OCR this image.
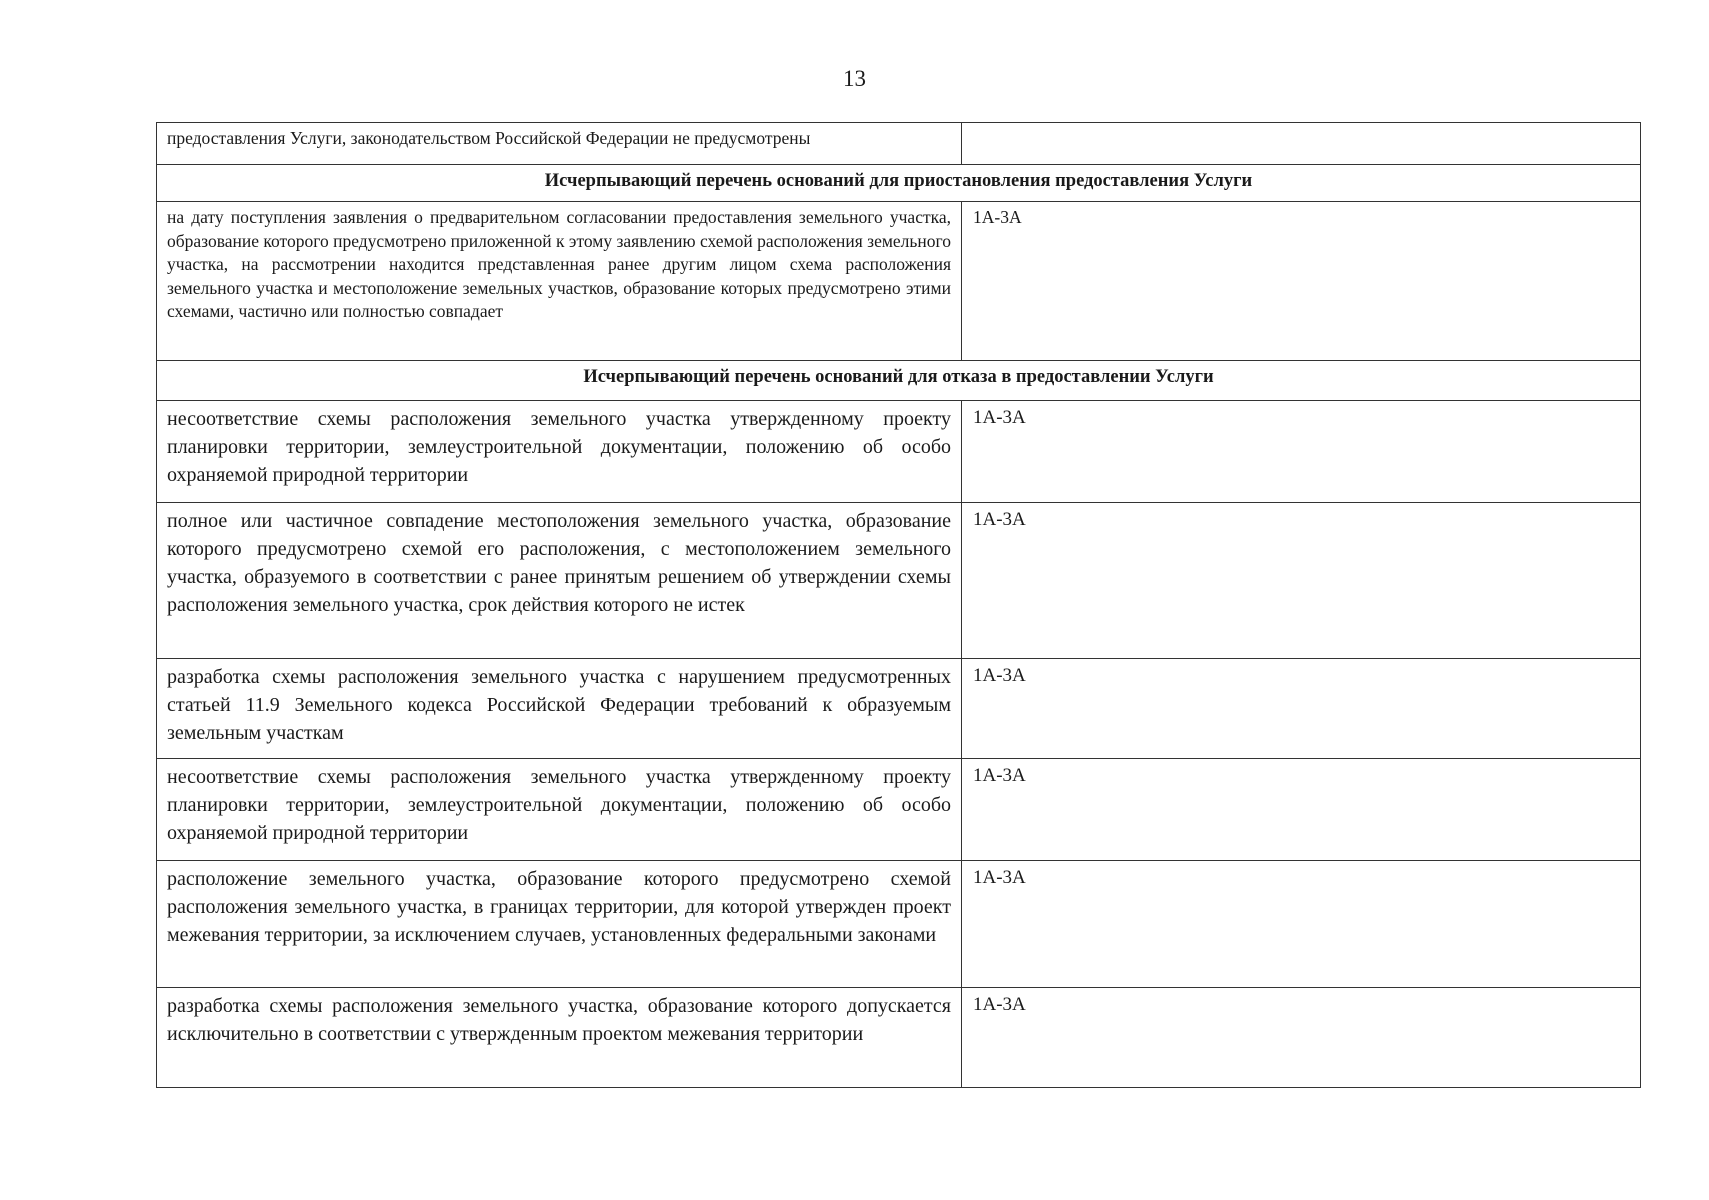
13
предоставления Услуги, законодательством Российской Федерации не предусмотрены	

Исчерпывающий перечень оснований для приостановления предоставления Услуги	

на дату поступления заявления о предварительном согласовании предоставления земельного участка, образование которого предусмотрено приложенной к этому заявлению схемой расположения земельного участка, на рассмотрении находится представленная ранее другим лицом схема расположения земельного участка и местоположение земельных участков, образование которых предусмотрено этими схемами, частично или полностью совпадает	1А-3А

Исчерпывающий перечень оснований для отказа в предоставлении Услуги	

несоответствие схемы расположения земельного участка утвержденному проекту планировки территории, землеустроительной документации, положению об особо охраняемой природной территории	1А-3А

полное или частичное совпадение местоположения земельного участка, образование которого предусмотрено схемой его расположения, с местоположением земельного участка, образуемого в соответствии с ранее принятым решением об утверждении схемы расположения земельного участка, срок действия которого не истек	1А-3А

разработка схемы расположения земельного участка с нарушением предусмотренных статьей 11.9 Земельного кодекса Российской Федерации требований к образуемым земельным участкам	1А-3А

несоответствие схемы расположения земельного участка утвержденному проекту планировки территории, землеустроительной документации, положению об особо охраняемой природной территории	1А-3А

расположение земельного участка, образование которого предусмотрено схемой расположения земельного участка, в границах территории, для которой утвержден проект межевания территории, за исключением случаев, установленных федеральными законами	1А-3А

разработка схемы расположения земельного участка, образование которого допускается исключительно в соответствии с утвержденным проектом межевания территории	1А-3А
